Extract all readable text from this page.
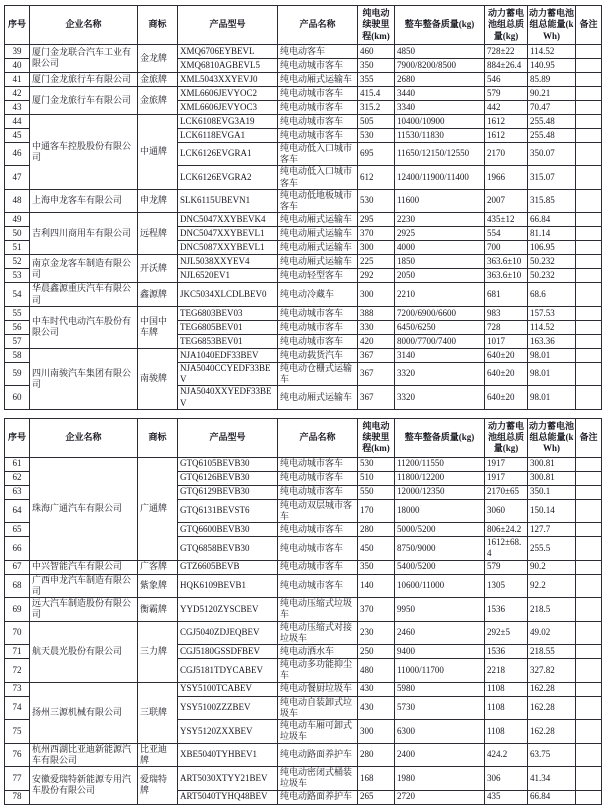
序号	企业名称	商标	产品型号	产品名称	纯电动续驶里程(km)	整车整备质量(kg)	动力蓄电池组总质量(kg)	动力蓄电池组总能量(kWh)	备注
39	厦门金龙联合汽车工业有限公司	金龙牌	XMQ6706EYBEVL	纯电动客车	460	4850	728±22	114.52	
40			XMQ6810AGBEVL5	纯电动城市客车	350	7900/8200/8500	884±26.4	140.95	
41	厦门金龙旅行车有限公司	金旅牌	XML5043XXYEVJ0	纯电动厢式运输车	355	2680	546	85.89	
42	厦门金龙旅行车有限公司	金旅牌	XML6606JEVYOC2	纯电动城市客车	415.4	3440	579	90.21	
43			XML6606JEVYOC3	纯电动城市客车	315.2	3340	442	70.47	
44	中通客车控股股份有限公司	中通牌	LCK6108EVG3A19	纯电动城市客车	505	10400/10900	1612	255.48	
45			LCK6118EVGA1	纯电动城市客车	530	11530/11830	1612	255.48	
46			LCK6126EVGRA1	纯电动低入口城市客车	695	11650/12150/12550	2170	350.07	
47			LCK6126EVGRA2	纯电动低入口城市客车	612	12400/11900/11400	1966	315.07	
48	上海申龙客车有限公司	申龙牌	SLK6115UBEVN1	纯电动低地板城市客车	530	11600	2007	315.85	
49	吉利四川商用车有限公司	远程牌	DNC5047XXYBEVK4	纯电动厢式运输车	295	2230	435±12	66.84	
50			DNC5047XXYBEVL1	纯电动厢式运输车	370	2925	554	81.14	
51			DNC5087XXYBEVL1	纯电动厢式运输车	300	4000	700	106.95	
52	南京金龙客车制造有限公司	开沃牌	NJL5038XXYEV4	纯电动厢式运输车	225	1850	363.6±10	50.232	
53			NJL6520EV1	纯电动轻型客车	292	2050	363.6±10	50.232	
54	华晨鑫源重庆汽车有限公司	鑫源牌	JKC5034XLCDLBEV0	纯电动冷藏车	300	2210	681	68.6	
55	中车时代电动汽车股份有限公司	中国中车牌	TEG6803BEV03	纯电动城市客车	388	7200/6900/6600	983	157.53	
56			TEG6805BEV01	纯电动城市客车	330	6450/6250	728	114.52	
57			TEG6853BEV01	纯电动城市客车	420	8000/7700/7400	1017	163.36	
58	四川南骏汽车集团有限公司	南骏牌	NJA1040EDF33BEV	纯电动载货汽车	367	3140	640±20	98.01	
59			NJA5040CCYEDF33BEV	纯电动仓栅式运输车	367	3320	640±20	98.01	
60			NJA5040XXYEDF33BEV	纯电动厢式运输车	367	3320	640±20	98.01	
序号	企业名称	商标	产品型号	产品名称	纯电动续驶里程(km)	整车整备质量(kg)	动力蓄电池组总质量(kg)	动力蓄电池组总能量(kWh)	备注
61	珠海广通汽车有限公司	广通牌	GTQ6105BEVB30	纯电动城市客车	530	11200/11550	1917	300.81	
62			GTQ6126BEVB30	纯电动城市客车	510	11800/12200	1917	300.81	
63			GTQ6129BEVB30	纯电动城市客车	550	12000/12350	2170±65	350.1	
64			GTQ6131BEVST6	纯电动双层城市客车	170	18000	3060	150.14	
65			GTQ6600BEVB30	纯电动城市客车	280	5000/5200	806±24.2	127.7	
66			GTQ6858BEVB30	纯电动城市客车	450	8750/9000	1612±68.4	255.5	
67	中兴智能汽车有限公司	广客牌	GTZ6605BEVB	纯电动城市客车	350	5400/5200	579	90.2	
68	广西申龙汽车制造有限公司	紫象牌	HQK6109BEVB1	纯电动城市客车	140	10600/11000	1305	92.2	
69	远大汽车制造股份有限公司	衡霸牌	YYD5120ZYSCBEV	纯电动压缩式垃圾车	370	9950	1536	218.5	
70	航天晨光股份有限公司	三力牌	CGJ5040ZDJEQBEV	纯电动压缩式对接垃圾车	230	2460	292±5	49.02	
71			CGJ5180GSSDFBEV	纯电动洒水车	250	9400	1536	218.55	
72			CGJ5181TDYCABEV	纯电动多功能抑尘车	480	11000/11700	2218	327.82	
73	扬州三源机械有限公司	三联牌	YSY5100TCABEV	纯电动餐厨垃圾车	430	5980	1108	162.28	
74			YSY5100ZZZBEV	纯电动自装卸式垃圾车	430	5730	1108	162.28	
75			YSY5120ZXXBEV	纯电动车厢可卸式垃圾车	300	6300	1108	162.28	
76	杭州西湖比亚迪新能源汽车有限公司	比亚迪牌	XBE5040TYHBEV1	纯电动路面养护车	280	2400	424.2	63.75	
77	安徽爱瑞特新能源专用汽车股份有限公司	爱瑞特牌	ART5030XTYY21BEV	纯电动密闭式桶装垃圾车	168	1980	306	41.34	
78			ART5040TYHQ48BEV	纯电动路面养护车	265	2720	435	66.84	
